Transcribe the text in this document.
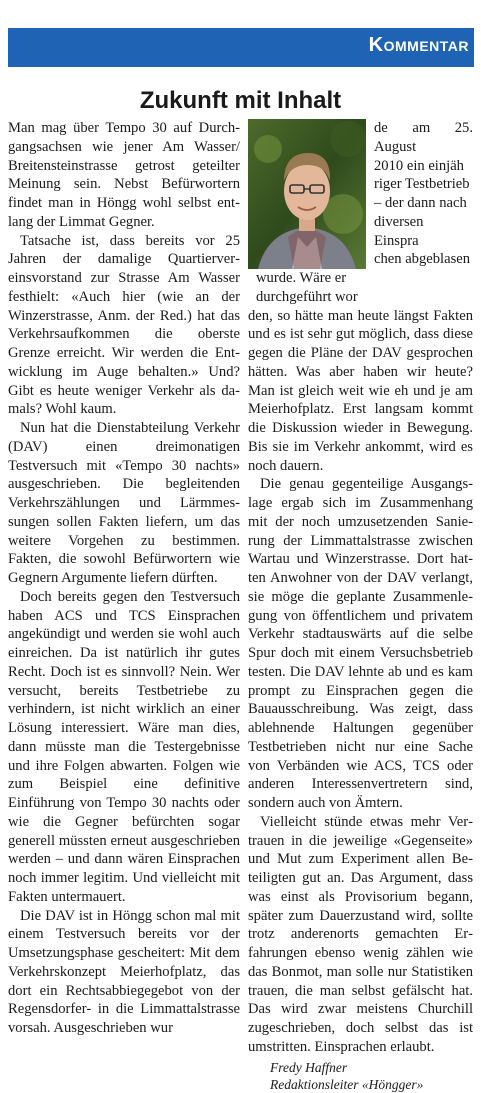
Kommentar
Zukunft mit Inhalt

Man mag über Tempo 30 auf Durchgangsachsen wie jener Am Wasser/ Breitensteinstrasse getrost geteilter Meinung sein. Nebst Befürwortern findet man in Höngg wohl selbst entlang der Limmat Gegner.

Tatsache ist, dass bereits vor 25 Jahren der damalige Quartiervereinsvorstand zur Strasse Am Wasser festhielt: «Auch hier (wie an der Winzerstrasse, Anm. der Red.) hat das Verkehrsaufkommen die oberste Grenze erreicht. Wir werden die Entwicklung im Auge behalten.» Und? Gibt es heute weniger Verkehr als damals? Wohl kaum.

Nun hat die Dienstabteilung Verkehr (DAV) einen dreimonatigen Testversuch mit «Tempo 30 nachts» ausgeschrieben. Die begleitenden Verkehrszählungen und Lärmmessungen sollen Fakten liefern, um das weitere Vorgehen zu bestimmen. Fakten, die sowohl Befürwortern wie Gegnern Argumente liefern dürften.

Doch bereits gegen den Testversuch haben ACS und TCS Einsprachen angekündigt und werden sie wohl auch einreichen. Da ist natürlich ihr gutes Recht. Doch ist es sinnvoll? Nein. Wer versucht, bereits Testbetriebe zu verhindern, ist nicht wirklich an einer Lösung interessiert. Wäre man dies, dann müsste man die Testergebnisse und ihre Folgen abwarten. Folgen wie zum Beispiel eine definitive Einführung von Tempo 30 nachts oder wie die Gegner befürchten sogar generell müssten erneut ausgeschrieben werden – und dann wären Einsprachen noch immer legitim. Und vielleicht mit Fakten untermauert.

Die DAV ist in Höngg schon mal mit einem Testversuch bereits vor der Umsetzungsphase gescheitert: Mit dem Verkehrskonzept Meierhofplatz, das dort ein Rechtsabbiegegebot von der Regensdorfer- in die Limmattalstrasse vorsah. Ausgeschrieben wur

de am 25. August
2010 ein einjäh
riger Testbetrieb
– der dann nach
diversen Einspra
chen abgeblasen
wurde. Wäre er
durchgeführt wor

den, so hätte man heute längst Fakten und es ist sehr gut möglich, dass diese gegen die Pläne der DAV gesprochen hätten. Was aber haben wir heute? Man ist gleich weit wie eh und je am Meierhofplatz. Erst langsam kommt die Diskussion wieder in Bewegung. Bis sie im Verkehr ankommt, wird es noch dauern.

Die genau gegenteilige Ausgangslage ergab sich im Zusammenhang mit der noch umzusetzenden Sanierung der Limmattalstrasse zwischen Wartau und Winzerstrasse. Dort hatten Anwohner von der DAV verlangt, sie möge die geplante Zusammenlegung von öffentlichem und privatem Verkehr stadtauswärts auf die selbe Spur doch mit einem Versuchsbetrieb testen. Die DAV lehnte ab und es kam prompt zu Einsprachen gegen die Bauausschreibung. Was zeigt, dass ablehnende Haltungen gegenüber Testbetrieben nicht nur eine Sache von Verbänden wie ACS, TCS oder anderen Interessenvertretern sind, sondern auch von Ämtern.

Vielleicht stünde etwas mehr Vertrauen in die jeweilige «Gegenseite» und Mut zum Experiment allen Beteiligten gut an. Das Argument, dass was einst als Provisorium begann, später zum Dauerzustand wird, sollte trotz anderenorts gemachten Erfahrungen ebenso wenig zählen wie das Bonmot, man solle nur Statistiken trauen, die man selbst gefälscht hat. Das wird zwar meistens Churchill zugeschrieben, doch selbst das ist umstritten. Einsprachen erlaubt.

Fredy Haffner
Redaktionsleiter «Höngger»
